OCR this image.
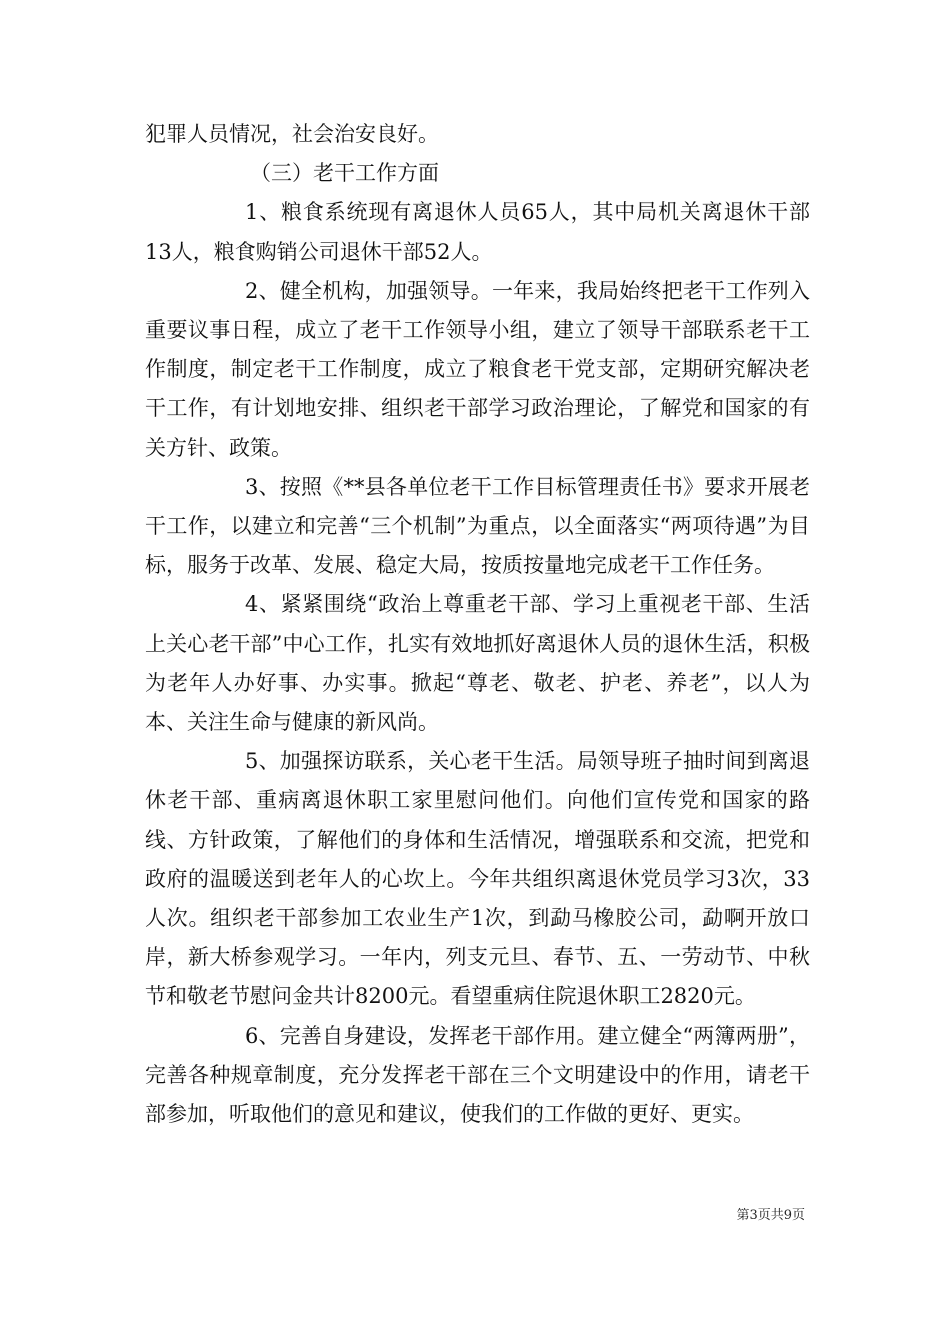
犯罪人员情况，社会治安良好。

（三）老干工作方面

1、粮食系统现有离退休人员65人，其中局机关离退休干部13人，粮食购销公司退休干部52人。

2、健全机构，加强领导。一年来，我局始终把老干工作列入重要议事日程，成立了老干工作领导小组，建立了领导干部联系老干工作制度，制定老干工作制度，成立了粮食老干党支部，定期研究解决老干工作，有计划地安排、组织老干部学习政治理论，了解党和国家的有关方针、政策。

3、按照《**县各单位老干工作目标管理责任书》要求开展老干工作，以建立和完善“三个机制”为重点，以全面落实“两项待遇”为目标，服务于改革、发展、稳定大局，按质按量地完成老干工作任务。

4、紧紧围绕“政治上尊重老干部、学习上重视老干部、生活上关心老干部”中心工作，扎实有效地抓好离退休人员的退休生活，积极为老年人办好事、办实事。掀起“尊老、敬老、护老、养老”，以人为本、关注生命与健康的新风尚。

5、加强探访联系，关心老干生活。局领导班子抽时间到离退休老干部、重病离退休职工家里慰问他们。向他们宣传党和国家的路线、方针政策，了解他们的身体和生活情况，增强联系和交流，把党和政府的温暖送到老年人的心坎上。今年共组织离退休党员学习3次，33人次。组织老干部参加工农业生产1次，到勐马橡胶公司，勐啊开放口岸，新大桥参观学习。一年内，列支元旦、春节、五、一劳动节、中秋节和敬老节慰问金共计8200元。看望重病住院退休职工2820元。

6、完善自身建设，发挥老干部作用。建立健全“两簿两册”，完善各种规章制度，充分发挥老干部在三个文明建设中的作用，请老干部参加，听取他们的意见和建议，使我们的工作做的更好、更实。

第3页共9页
